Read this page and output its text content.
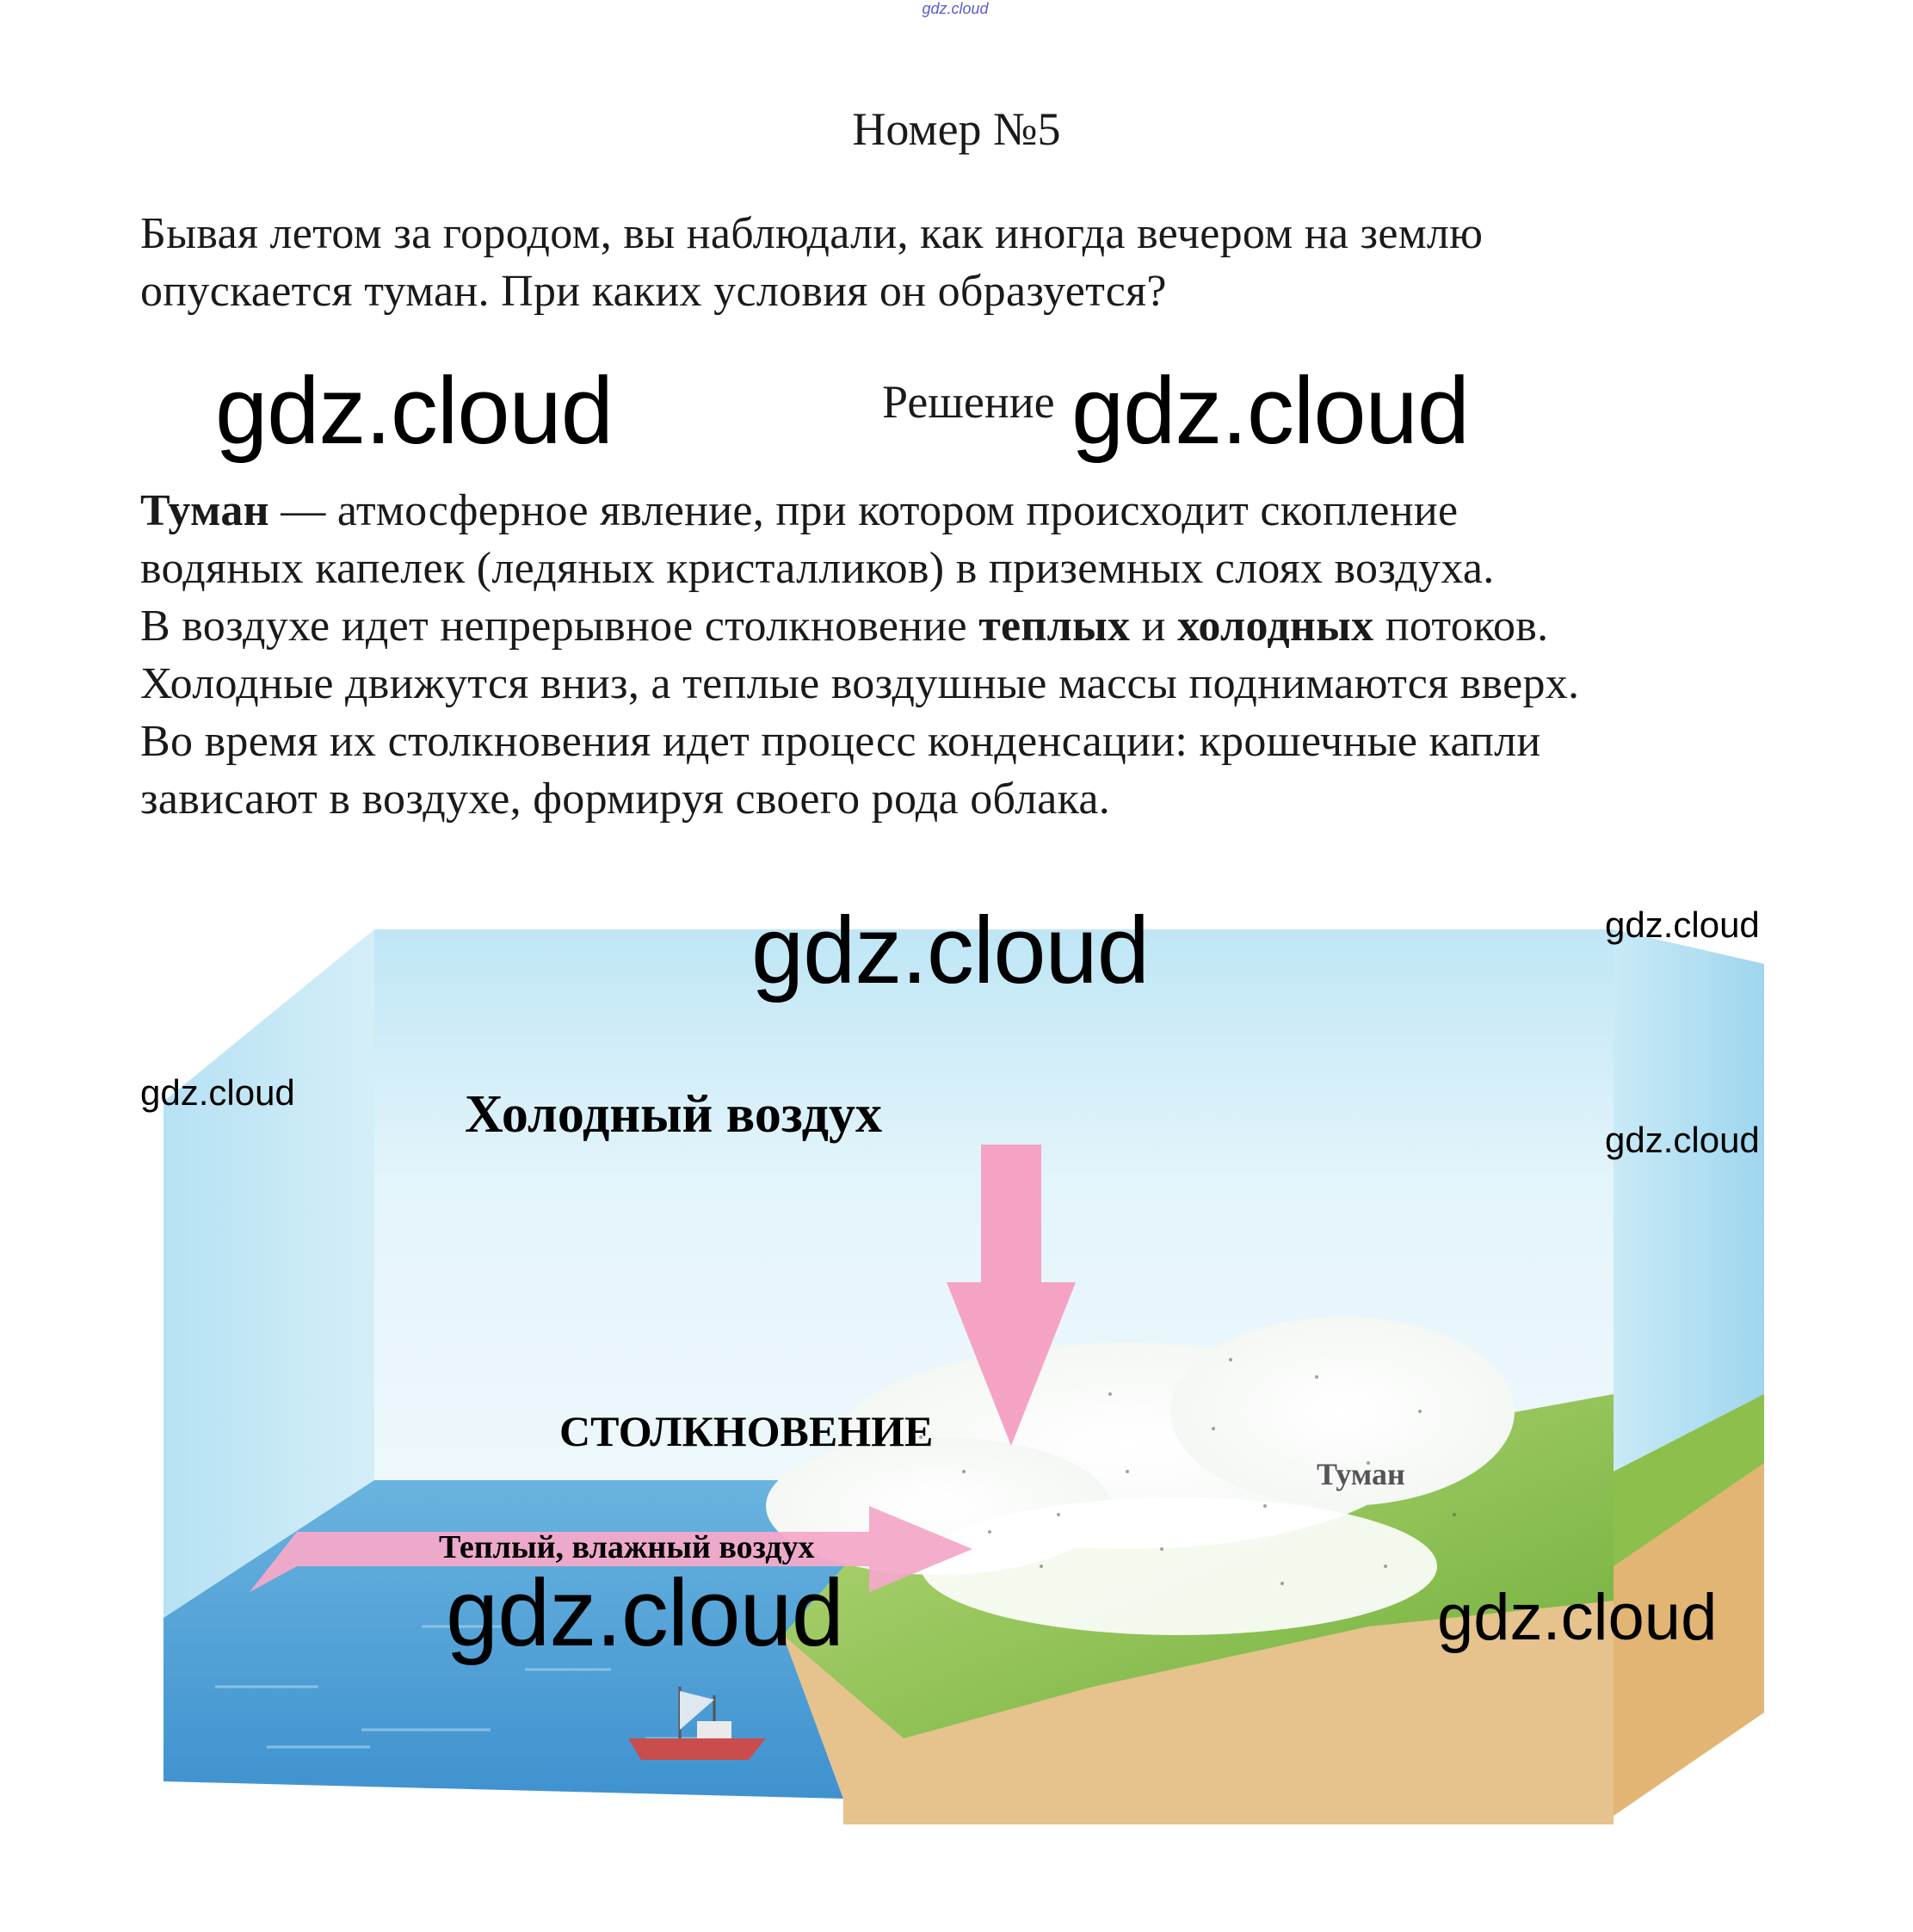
gdz.cloud
Номер №5
Бывая летом за городом, вы наблюдали, как иногда вечером на землю
опускается туман. При каких условия он образуется?
Решение
Туман — атмосферное явление, при котором происходит скопление
водяных капелек (ледяных кристалликов) в приземных слоях воздуха.
В воздухе идет непрерывное столкновение теплых и холодных потоков.
Холодные движутся вниз, а теплые воздушные массы поднимаются вверх.
Во время их столкновения идет процесс конденсации: крошечные капли
зависают в воздухе, формируя своего рода облака.
Холодный воздух
СТОЛКНОВЕНИЕ
Туман
Теплый, влажный воздух
gdz.cloud	gdz.cloud
gdz.cloud	gdz.cloud
gdz.cloud
gdz.cloud
gdz.cloud	gdz.cloud
